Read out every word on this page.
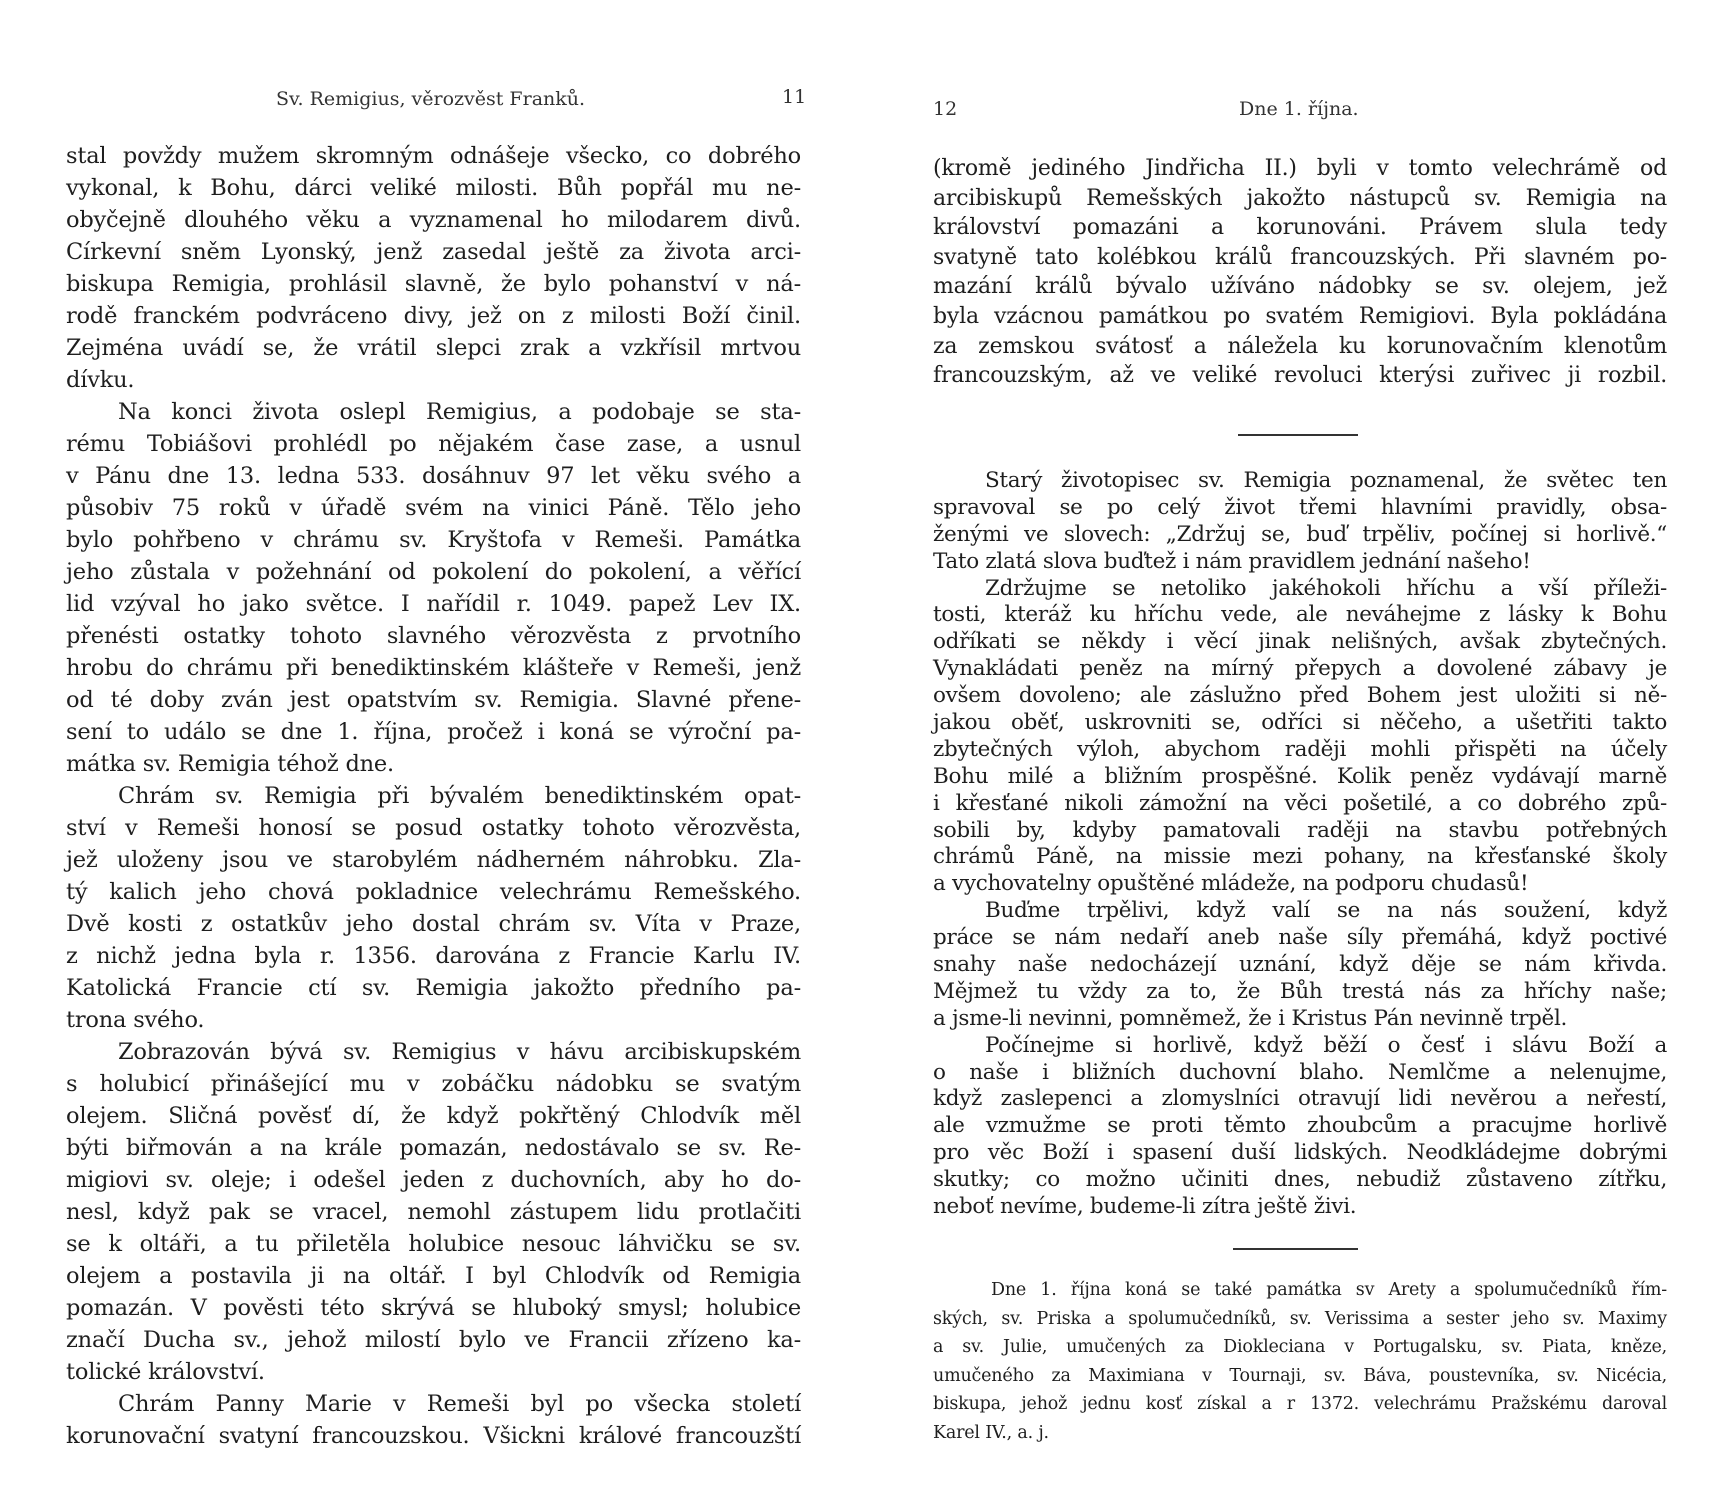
Sv. Remigius, věrozvěst Franků.	11
stal povždy mužem skromným odnášeje všecko, co dobrého
vykonal, k Bohu, dárci veliké milosti. Bůh popřál mu ne-
obyčejně dlouhého věku a vyznamenal ho milodarem divů.
Církevní sněm Lyonský, jenž zasedal ještě za života arci-
biskupa Remigia, prohlásil slavně, že bylo pohanství v ná-
rodě franckém podvráceno divy, jež on z milosti Boží činil.
Zejména uvádí se, že vrátil slepci zrak a vzkřísil mrtvou
dívku.
Na konci života oslepl Remigius, a podobaje se sta-
rému Tobiášovi prohlédl po nějakém čase zase, a usnul
v Pánu dne 13. ledna 533. dosáhnuv 97 let věku svého a
působiv 75 roků v úřadě svém na vinici Páně. Tělo jeho
bylo pohřbeno v chrámu sv. Kryštofa v Remeši. Památka
jeho zůstala v požehnání od pokolení do pokolení, a věřící
lid vzýval ho jako světce. I nařídil r. 1049. papež Lev IX.
přenésti ostatky tohoto slavného věrozvěsta z prvotního
hrobu do chrámu při benediktinském klášteře v Remeši, jenž
od té doby zván jest opatstvím sv. Remigia. Slavné přene-
sení to událo se dne 1. října, pročež i koná se výroční pa-
mátka sv. Remigia téhož dne.
Chrám sv. Remigia při bývalém benediktinském opat-
ství v Remeši honosí se posud ostatky tohoto věrozvěsta,
jež uloženy jsou ve starobylém nádherném náhrobku. Zla-
tý kalich jeho chová pokladnice velechrámu Remešského.
Dvě kosti z ostatkův jeho dostal chrám sv. Víta v Praze,
z nichž jedna byla r. 1356. darována z Francie Karlu IV.
Katolická Francie ctí sv. Remigia jakožto předního pa-
trona svého.
Zobrazován bývá sv. Remigius v hávu arcibiskupském
s holubicí přinášející mu v zobáčku nádobku se svatým
olejem. Sličná pověsť dí, že když pokřtěný Chlodvík měl
býti biřmován a na krále pomazán, nedostávalo se sv. Re-
migiovi sv. oleje; i odešel jeden z duchovních, aby ho do-
nesl, když pak se vracel, nemohl zástupem lidu protlačiti
se k oltáři, a tu přiletěla holubice nesouc láhvičku se sv.
olejem a postavila ji na oltář. I byl Chlodvík od Remigia
pomazán. V pověsti této skrývá se hluboký smysl; holubice
značí Ducha sv., jehož milostí bylo ve Francii zřízeno ka-
tolické království.
Chrám Panny Marie v Remeši byl po všecka století
korunovační svatyní francouzskou. Všickni králové francouzští
12	Dne 1. října.
(kromě jediného Jindřicha II.) byli v tomto velechrámě od
arcibiskupů Remešských jakožto nástupců sv. Remigia na
království pomazáni a korunováni. Právem slula tedy
svatyně tato kolébkou králů francouzských. Při slavném po-
mazání králů bývalo užíváno nádobky se sv. olejem, jež
byla vzácnou památkou po svatém Remigiovi. Byla pokládána
za zemskou svátosť a náležela ku korunovačním klenotům
francouzským, až ve veliké revoluci kterýsi zuřivec ji rozbil.
Starý životopisec sv. Remigia poznamenal, že světec ten
spravoval se po celý život třemi hlavními pravidly, obsa-
ženými ve slovech: „Zdržuj se, buď trpěliv, počínej si horlivě.“
Tato zlatá slova buďtež i nám pravidlem jednání našeho!
Zdržujme se netoliko jakéhokoli hříchu a vší příleži-
tosti, kteráž ku hříchu vede, ale neváhejme z lásky k Bohu
odříkati se někdy i věcí jinak nelišných, avšak zbytečných.
Vynakládati peněz na mírný přepych a dovolené zábavy je
ovšem dovoleno; ale záslužno před Bohem jest uložiti si ně-
jakou oběť, uskrovniti se, odříci si něčeho, a ušetřiti takto
zbytečných výloh, abychom raději mohli přispěti na účely
Bohu milé a bližním prospěšné. Kolik peněz vydávají marně
i křesťané nikoli zámožní na věci pošetilé, a co dobrého způ-
sobili by, kdyby pamatovali raději na stavbu potřebných
chrámů Páně, na missie mezi pohany, na křesťanské školy
a vychovatelny opuštěné mládeže, na podporu chudasů!
Buďme trpělivi, když valí se na nás soužení, když
práce se nám nedaří aneb naše síly přemáhá, když poctivé
snahy naše nedocházejí uznání, když děje se nám křivda.
Mějmež tu vždy za to, že Bůh trestá nás za hříchy naše;
a jsme-li nevinni, pomněmež, že i Kristus Pán nevinně trpěl.
Počínejme si horlivě, když běží o česť i slávu Boží a
o naše i bližních duchovní blaho. Nemlčme a nelenujme,
když zaslepenci a zlomyslníci otravují lidi nevěrou a neřestí,
ale vzmužme se proti těmto zhoubcům a pracujme horlivě
pro věc Boží i spasení duší lidských. Neodkládejme dobrými
skutky; co možno učiniti dnes, nebudiž zůstaveno zítřku,
neboť nevíme, budeme-li zítra ještě živi.
Dne 1. října koná se také památka sv Arety a spolumučedníků řím-
ských, sv. Priska a spolumučedníků, sv. Verissima a sester jeho sv. Maximy
a sv. Julie, umučených za Diokleciana v Portugalsku, sv. Piata, kněze,
umučeného za Maximiana v Tournaji, sv. Báva, poustevníka, sv. Nicécia,
biskupa, jehož jednu kosť získal a r 1372. velechrámu Pražskému daroval
Karel IV., a. j.
